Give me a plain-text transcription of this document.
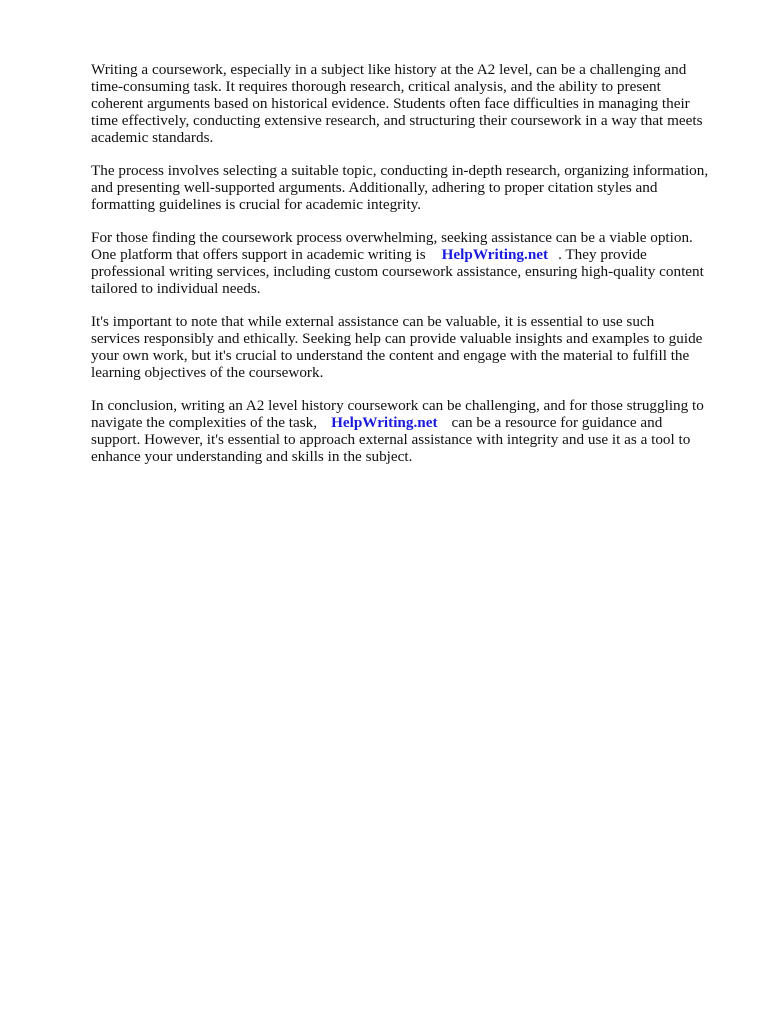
Writing a coursework, especially in a subject like history at the A2 level, can be a challenging and
time-consuming task. It requires thorough research, critical analysis, and the ability to present
coherent arguments based on historical evidence. Students often face difficulties in managing their
time effectively, conducting extensive research, and structuring their coursework in a way that meets
academic standards.

The process involves selecting a suitable topic, conducting in-depth research, organizing information,
and presenting well-supported arguments. Additionally, adhering to proper citation styles and
formatting guidelines is crucial for academic integrity.

For those finding the coursework process overwhelming, seeking assistance can be a viable option.
One platform that offers support in academic writing is HelpWriting.net . They provide
professional writing services, including custom coursework assistance, ensuring high-quality content
tailored to individual needs.

It's important to note that while external assistance can be valuable, it is essential to use such
services responsibly and ethically. Seeking help can provide valuable insights and examples to guide
your own work, but it's crucial to understand the content and engage with the material to fulfill the
learning objectives of the coursework.

In conclusion, writing an A2 level history coursework can be challenging, and for those struggling to
navigate the complexities of the task, HelpWriting.net can be a resource for guidance and
support. However, it's essential to approach external assistance with integrity and use it as a tool to
enhance your understanding and skills in the subject.
